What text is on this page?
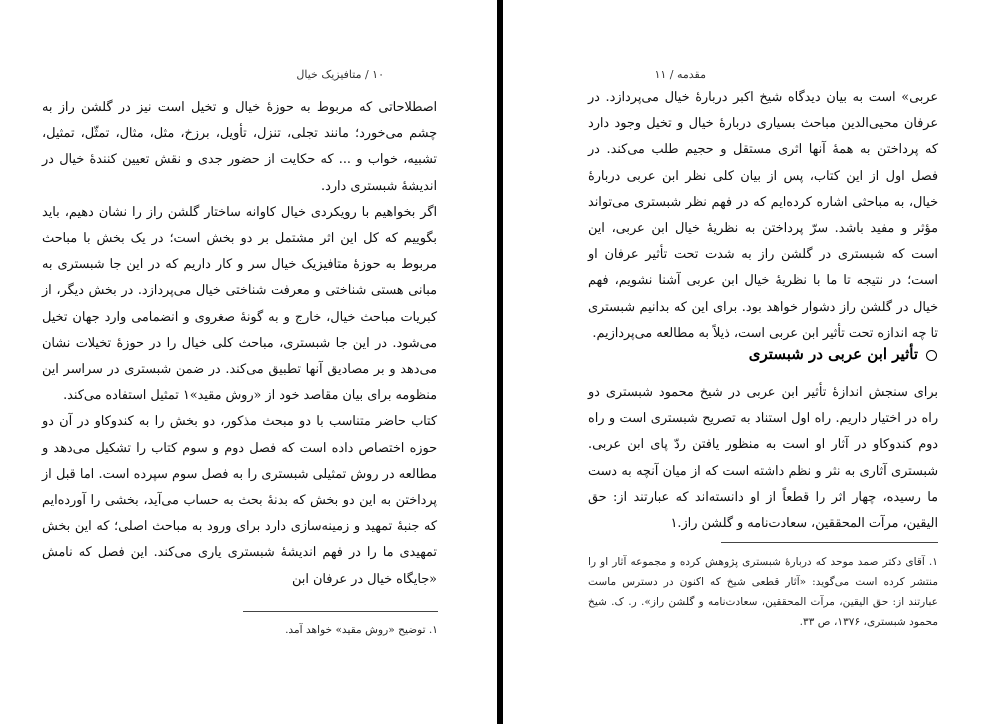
۱۰ / متافیزیک خیال

اصطلاحاتی که مربوط به حوزهٔ خیال و تخیل است نیز در گلشن راز به چشم می‌خورد؛ مانند تجلی، تنزل، تأویل، برزخ، مثل، مثال، تمثّل، تمثیل، تشبیه، خواب و ... که حکایت از حضور جدی و نقش تعیین کنندهٔ خیال در اندیشهٔ شبستری دارد.

اگر بخواهیم با رویکردی خیال کاوانه ساختار گلشن راز را نشان دهیم، باید بگوییم که کل این اثر مشتمل بر دو بخش است؛ در یک بخش با مباحث مربوط به حوزهٔ متافیزیک خیال سر و کار داریم که در این جا شبستری به مبانی هستی شناختی و معرفت شناختی خیال می‌پردازد. در بخش دیگر، از کبریات مباحث خیال، خارج و به گونهٔ صغروی و انضمامی وارد جهان تخیل می‌شود. در این جا شبستری، مباحث کلی خیال را در حوزهٔ تخیلات نشان می‌دهد و بر مصادیق آنها تطبیق می‌کند. در ضمن شبستری در سراسر این منظومه برای بیان مقاصد خود از «روش مقید»۱ تمثیل استفاده می‌کند.

کتاب حاضر متناسب با دو مبحث مذکور، دو بخش را به کندوکاو در آن دو حوزه اختصاص داده است که فصل دوم و سوم کتاب را تشکیل می‌دهد و مطالعه در روش تمثیلی شبستری را به فصل سوم سپرده است. اما قبل از پرداختن به این دو بخش که بدنهٔ بحث به حساب می‌آید، بخشی را آورده‌ایم که جنبهٔ تمهید و زمینه‌سازی دارد برای ورود به مباحث اصلی؛ که این بخش تمهیدی ما را در فهم اندیشهٔ شبستری یاری می‌کند. این فصل که نامش «جایگاه خیال در عرفان ابن

۱. توضیح «روش مقید» خواهد آمد.
مقدمه / ۱۱

عربی» است به بیان دیدگاه شیخ اکبر دربارهٔ خیال می‌پردازد. در عرفان محیی‌الدین مباحث بسیاری دربارهٔ خیال و تخیل وجود دارد که پرداختن به همهٔ آنها اثری مستقل و حجیم طلب می‌کند. در فصل اول از این کتاب، پس از بیان کلی نظر ابن عربی دربارهٔ خیال، به مباحثی اشاره کرده‌ایم که در فهم نظر شبستری می‌تواند مؤثر و مفید باشد. سرّ پرداختن به نظریهٔ خیال ابن عربی، این است که شبستری در گلشن راز به شدت تحت تأثیر عرفان او است؛ در نتیجه تا ما با نظریهٔ خیال ابن عربی آشنا نشویم، فهم خیال در گلشن راز دشوار خواهد بود. برای این که بدانیم شبستری تا چه اندازه تحت تأثیر ابن عربی است، ذیلاً به مطالعه می‌پردازیم.

تأثیر ابن عربی در شبستری

برای سنجش اندازهٔ تأثیر ابن عربی در شیخ محمود شبستری دو راه در اختیار داریم. راه اول استناد به تصریح شبستری است و راه دوم کندوکاو در آثار او است به منظور یافتن ردّ پای ابن عربی. شبستری آثاری به نثر و نظم داشته است که از میان آنچه به دست ما رسیده، چهار اثر را قطعاً از او دانسته‌اند که عبارتند از: حق الیقین، مرآت المحققین، سعادت‌نامه و گلشن راز.۱

۱. آقای دکتر صمد موحد که دربارهٔ شبستری پژوهش کرده و مجموعه آثار او را منتشر کرده است می‌گوید: «آثار قطعی شیخ که اکنون در دسترس ماست عبارتند از: حق الیقین، مرآت المحققین، سعادت‌نامه و گلشن راز». ر. ک. شیخ محمود شبستری، ۱۳۷۶، ص ۳۳.
